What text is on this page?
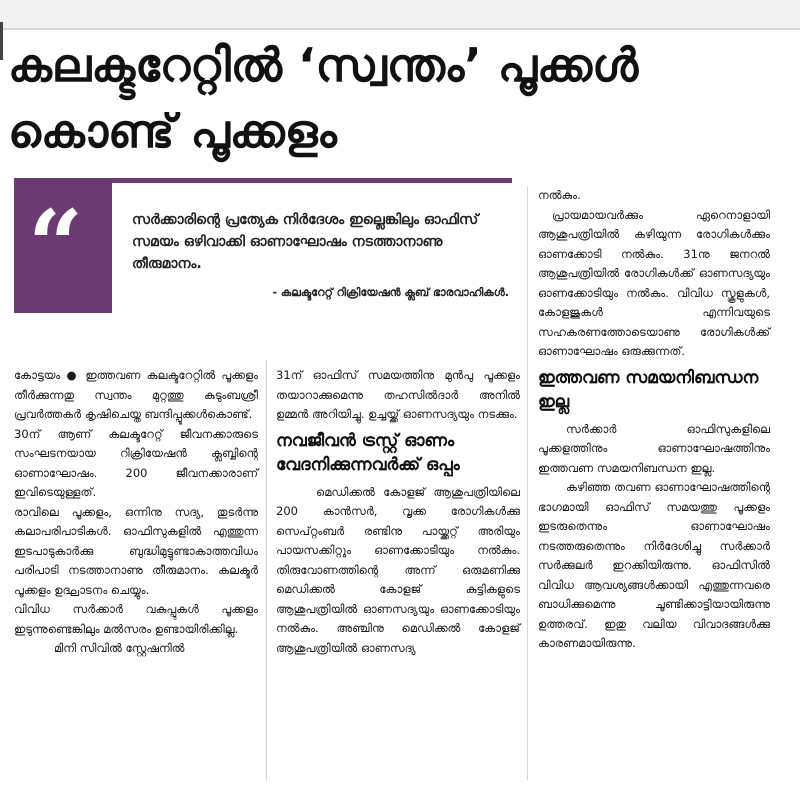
കലക്ടറേറ്റിൽ ‘സ്വന്തം’ പൂക്കൾ
കൊണ്ട് പൂക്കളം
“	സർക്കാരിന്റെ പ്രത്യേക നിർദേശം ഇല്ലെങ്കിലും ഓഫിസ് സമയം ഒഴിവാക്കി ഓണാഘോഷം നടത്താനാണു തീരുമാനം.
- കലക്ടറേറ്റ് റിക്രിയേഷൻ ക്ലബ് ഭാരവാഹികൾ.

കോട്ടയം ● ഇത്തവണ കലക്ടറേറ്റിൽ പൂക്കളം തീർക്കുന്നതു സ്വന്തം മുറ്റത്തു കുടുംബശ്രീ പ്രവർത്തകർ കൃഷിചെയ്ത ബന്ദിപ്പൂക്കൾകൊണ്ട്.

30ന് ആണ് കലക്ടറേറ്റ് ജീവനക്കാരുടെ സംഘടനയായ റിക്രിയേഷൻ ക്ലബ്ബിന്റെ ഓണാഘോഷം. 200 ജീവനക്കാരാണ് ഇവിടെയുള്ളത്.

രാവിലെ പൂക്കളം, ഒന്നിനു സദ്യ, തുടർന്നു കലാപരിപാടികൾ. ഓഫിസുകളിൽ എത്തുന്ന ഇടപാടുകാർക്കു ബുദ്ധിമുട്ടുണ്ടാകാത്തവിധം പരിപാടി നടത്താനാണു തീരുമാനം. കലക്ടർ പൂക്കളം ഉദ്ഘാടനം ചെയ്യും.

വിവിധ സർക്കാർ വകുപ്പുകൾ പൂക്കളം ഇടുന്നുണ്ടെങ്കിലും മൽസരം ഉണ്ടായിരിക്കില്ല.

മിനി സിവിൽ സ്റ്റേഷനിൽ

31ന് ഓഫിസ് സമയത്തിനു മുൻപു പൂക്കളം തയാറാക്കുമെന്നു തഹസിൽദാർ അനിൽ ഉമ്മൻ അറിയിച്ചു. ഉച്ചയ്ക്ക് ഓണസദ്യയും നടക്കും.

നവജീവൻ ട്രസ്റ്റ് ഓണം വേദനിക്കുന്നവർക്ക് ഒപ്പം

മെഡിക്കൽ കോളജ് ആശുപത്രിയിലെ 200 കാൻസർ, വൃക്ക രോഗികൾക്കു സെപ്റ്റംബർ രണ്ടിനു പായ്ക്കറ്റ് അരിയും പായസക്കിറ്റും ഓണക്കോടിയും നൽകും. തിരുവോണത്തിന്റെ അന്ന് ഒരുമണിക്കു മെഡിക്കൽ കോളജ് കുട്ടികളുടെ ആശുപത്രിയിൽ ഓണസദ്യയും ഓണക്കോടിയും നൽകും. അഞ്ചിനു മെഡിക്കൽ കോളജ് ആശുപത്രിയിൽ ഓണസദ്യ

നൽകും.

പ്രായമായവർക്കും ഏറെനാളായി ആശുപത്രിയിൽ കഴിയുന്ന രോഗികൾക്കും ഓണക്കോടി നൽകും. 31നു ജനറൽ ആശുപത്രിയിൽ രോഗികൾക്ക് ഓണസദ്യയും ഓണക്കോടിയും നൽകും. വിവിധ സ്കൂളുകൾ, കോളജുകൾ എന്നിവയുടെ സഹകരണത്തോടെയാണു രോഗികൾക്ക് ഓണാഘോഷം ഒരുക്കുന്നത്.

ഇത്തവണ സമയനിബന്ധന ഇല്ല

സർക്കാർ ഓഫിസുകളിലെ പൂക്കളത്തിനും ഓണാഘോഷത്തിനും ഇത്തവണ സമയനിബന്ധന ഇല്ല.

കഴിഞ്ഞ തവണ ഓണാഘോഷത്തിന്റെ ഭാഗമായി ഓഫിസ് സമയത്തു പൂക്കളം ഇടരുതെന്നും ഓണാഘോഷം നടത്തരുതെന്നും നിർദേശിച്ചു സർക്കാർ സർക്കുലർ ഇറക്കിയിരുന്നു. ഓഫിസിൽ വിവിധ ആവശ്യങ്ങൾക്കായി എത്തുന്നവരെ ബാധിക്കുമെന്നു ചൂണ്ടിക്കാട്ടിയായിരുന്നു ഉത്തരവ്. ഇതു വലിയ വിവാദങ്ങൾക്കു കാരണമായിരുന്നു.
